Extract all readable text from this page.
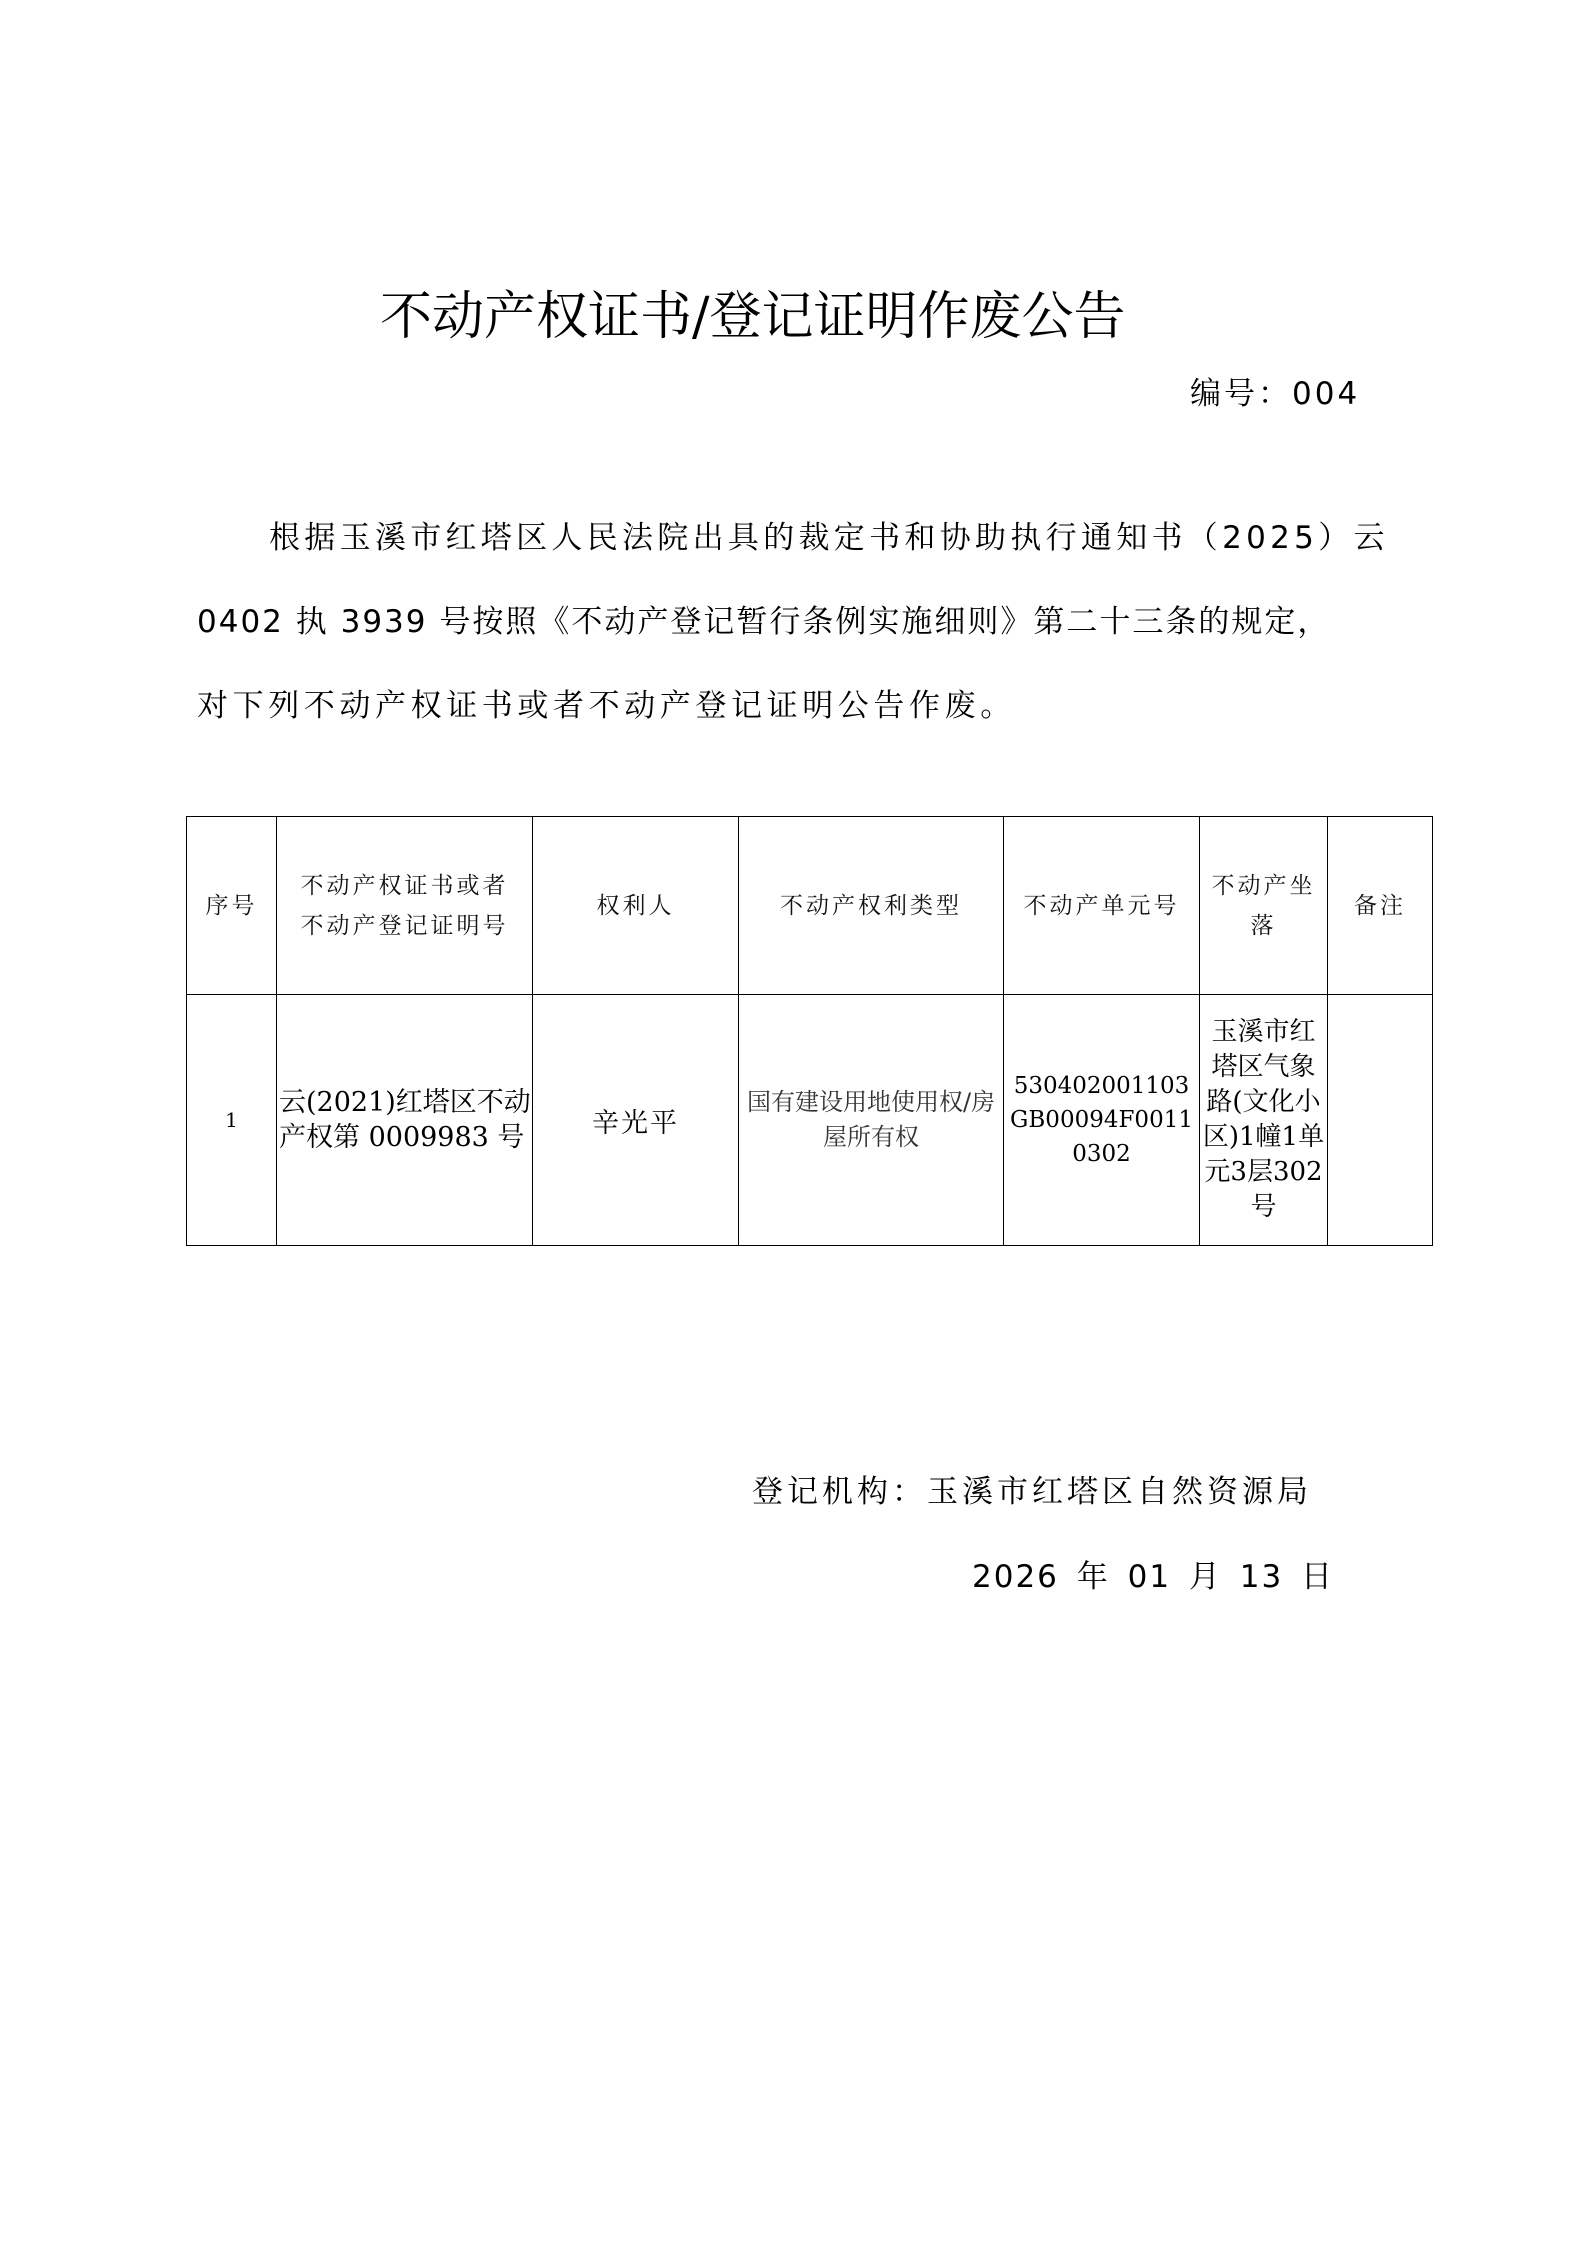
不动产权证书/登记证明作废公告
编号：004
根据玉溪市红塔区人民法院出具的裁定书和协助执行通知书（2025）云
0402 执 3939 号按照《不动产登记暂行条例实施细则》第二十三条的规定，
对下列不动产权证书或者不动产登记证明公告作废。
序号	不动产权证书或者不动产登记证明号	权利人	不动产权利类型	不动产单元号	不动产坐落	备注
1	云(2021)红塔区不动产权第 0009983 号	辛光平	国有建设用地使用权/房屋所有权	530402001103GB00094F00110302	玉溪市红塔区气象路(文化小区)1幢1单元3层302号	

登记机构：玉溪市红塔区自然资源局
2026 年 01 月 13 日
